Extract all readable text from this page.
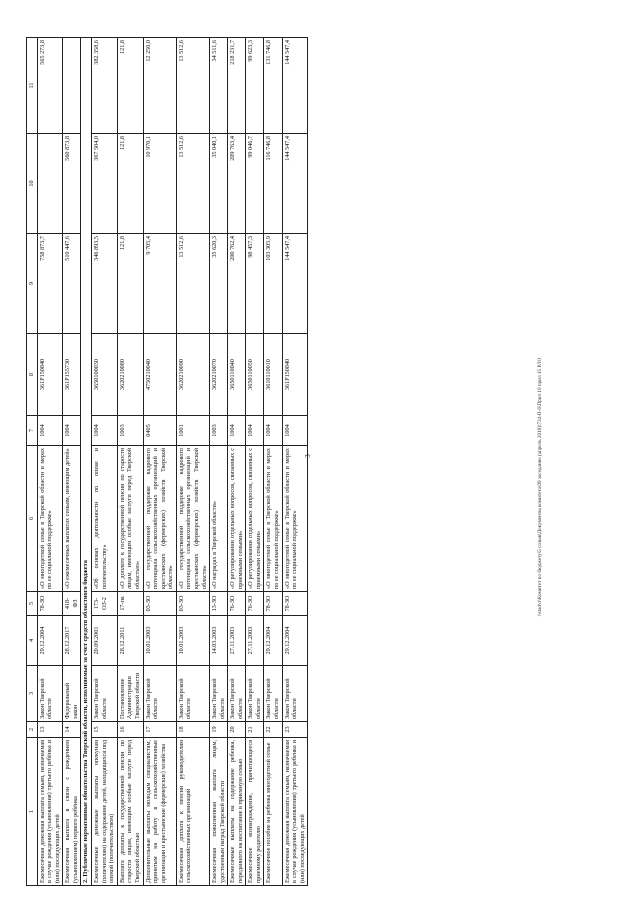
3
1	2	3	4	5	6	7	8	9	10	11
Ежемесячная денежная выплата семьям, назначаемая в случае рождения (усыновления) третьего ребёнка и (или) последующих детей	13	Закон Тверской области	29.12.2004	78-ЗО	«О многодетной семье в Тверской области и мерах по ее социальной поддержке»	1004	361P150840	758 873,7		565 273,8
Ежемесячная выплата в связи с рождением (усыновлением) первого ребёнка	14	Федеральный закон	28.12.2017	418-ФЗ	«О ежемесячных выплатах семьям, имеющим детей»	1004	361P155730	510 447,6	560 873,8	
2. Публичные нормативные обязательства Тверской области, исполняемые за счет средств областного бюджета										
Ежемесячные денежные выплаты опекунам (попечителям) на содержание детей, находящихся под опекой (попечительством)	15	Закон Тверской области	20.09.2001	173-ОЗ-2	«Об основах деятельности по опеке и попечительству»	1004	3650100030	346 893,5	367 504,0	382 358,6
Выплата доплаты к государственной пенсии по старости лицам, имеющим особые заслуги перед Тверской областью	16	Постановление Администрации Тверской области	28.12.2011	17-па	«О доплате к государственной пенсии по старости лицам, имеющим особые заслуги перед Тверской областью»	1003	3620210080	121,8	121,8	121,8
Дополнительные выплаты молодым специалистам, принятым на работу в сельскохозяйственные организации и крестьянские (фермерские) хозяйства	17	Закон Тверской области	10.01.2003	03-ЗО	«О государственной поддержке кадрового потенциала сельскохозяйственных организаций и крестьянских (фермерских) хозяйств Тверской области»	0405	4750210040	9 705,4	10 970,1	12 250,0
Ежемесячная доплата к пенсии руководителям сельскохозяйственных организаций	18	Закон Тверской области	10.01.2003	03-ЗО	«О государственной поддержке кадрового потенциала сельскохозяйственных организаций и крестьянских (фермерских) хозяйств Тверской области»	1001	3620210090	13 512,6	13 512,6	13 512,6
Ежемесячная пожизненная выплата лицам, удостоенным наград Тверской области	19	Закон Тверской области	14.03.2003	13-ЗО	«О наградах в Тверской области»	1003	3620210070	35 620,3	35 040,1	34 511,6
Ежемесячные выплаты на содержание ребенка, переданного на воспитание в приемную семью	20	Закон Тверской области	27.11.2003	76-ЗО	«О регулировании отдельных вопросов, связанных с приемными семьями»	1004	3650110040	200 762,4	209 763,4	218 231,7
Ежемесячное вознаграждение, причитающееся приемному родителю	21	Закон Тверской области	27.11.2003	76-ЗО	«О регулировании отдельных вопросов, связанных с приемными семьями»	1004	3650110050	98 457,3	99 046,7	99 623,3
Ежемесячное пособие на ребенка многодетной семье	22	Закон Тверской области	29.12.2004	78-ЗО	«О многодетной семье в Тверской области и мерах по ее социальной поддержке»	1004	3610110010	103 305,9	116 746,8	131 746,8
Ежемесячная денежная выплата семьям, назначаемая в случае рождения (усыновления) третьего ребенка и (или) последующих детей	23	Закон Тверской области	29.12.2004	78-ЗО	«О многодетной семье в Тверской области и мерах по ее социальной поддержке»	1004	361P150840	144 547,4	144 547,4	144 547,4
\\stadvr\Комитет по бюджету\5 созыв\Документы комитета\09 заседание (апрель 2018)\734-П-6\Прил 10 прил 15 РЛО
